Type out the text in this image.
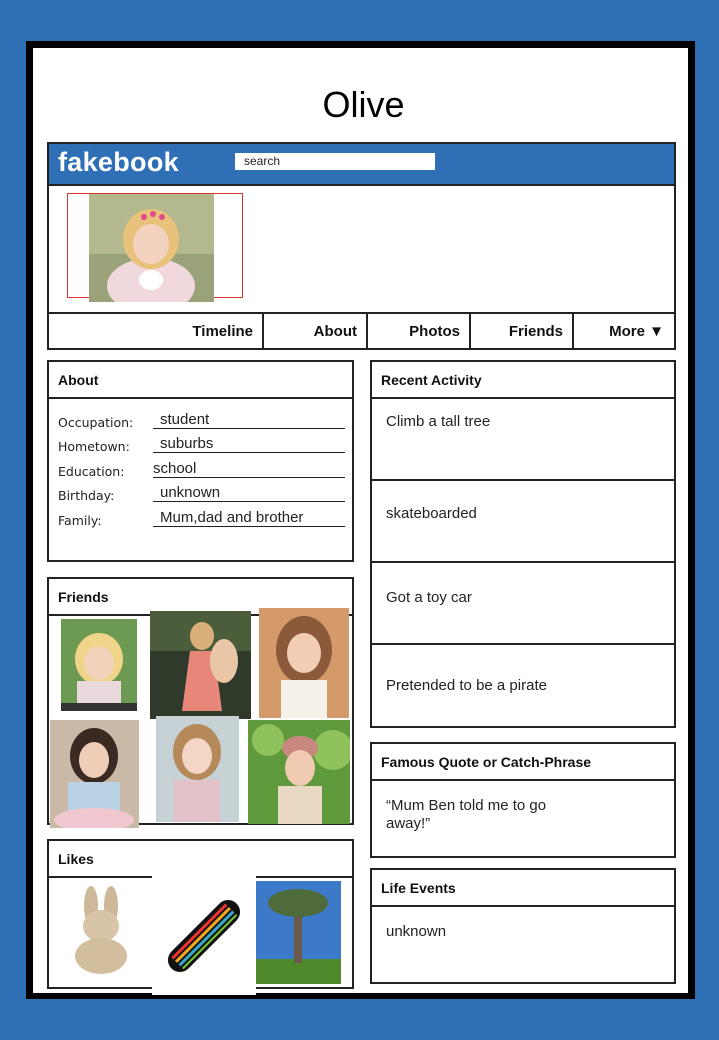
Olive
fakebook
search
Timeline	About	Photos	Friends	More ▼
About
Occupation:	student
Hometown:	suburbs
Education:	school
Birthday:	unknown
Family:	Mum,dad and brother
Friends
Likes
Recent Activity
Climb a tall tree
skateboarded
Got a toy car
Pretended to be a pirate
Famous Quote or Catch-Phrase
“Mum Ben told me to go away!”
Life Events
unknown
